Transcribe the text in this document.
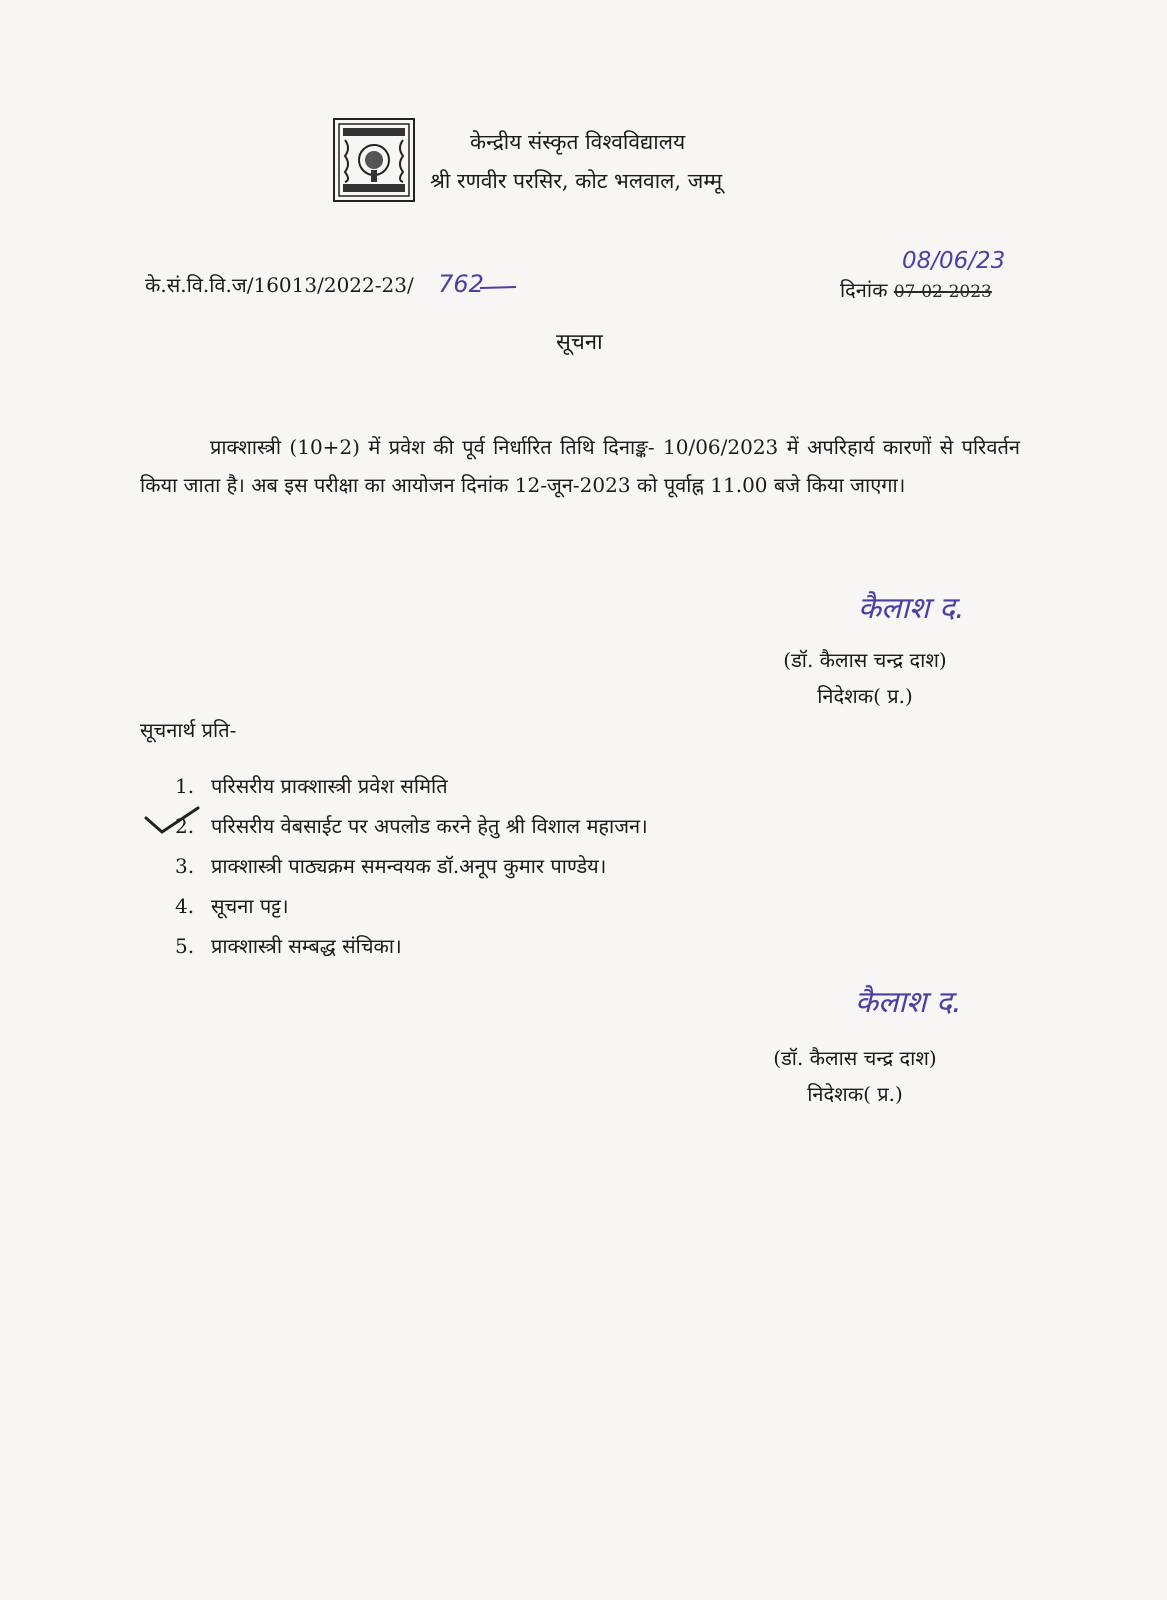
केन्द्रीय संस्कृत विश्वविद्यालय
श्री रणवीर परसिर, कोट भलवाल, जम्मू
के.सं.वि.वि.ज/16013/2022-23/ 762
08/06/23
दिनांक 07-02-2023
सूचना
प्राक्शास्त्री (10+2) में प्रवेश की पूर्व निर्धारित तिथि दिनाङ्क- 10/06/2023 में अपरिहार्य कारणों से परिवर्तन किया जाता है। अब इस परीक्षा का आयोजन दिनांक 12-जून-2023 को पूर्वाह्न 11.00 बजे किया जाएगा।
कैलाश द.
(डॉ. कैलास चन्द्र दाश)
निदेशक( प्र.)
सूचनार्थ प्रति-
1. परिसरीय प्राक्शास्त्री प्रवेश समिति
2. परिसरीय वेबसाईट पर अपलोड करने हेतु श्री विशाल महाजन।
3. प्राक्शास्त्री पाठ्यक्रम समन्वयक डॉ.अनूप कुमार पाण्डेय।
4. सूचना पट्ट।
5. प्राक्शास्त्री सम्बद्ध संचिका।
कैलाश द.
(डॉ. कैलास चन्द्र दाश)
निदेशक( प्र.)
